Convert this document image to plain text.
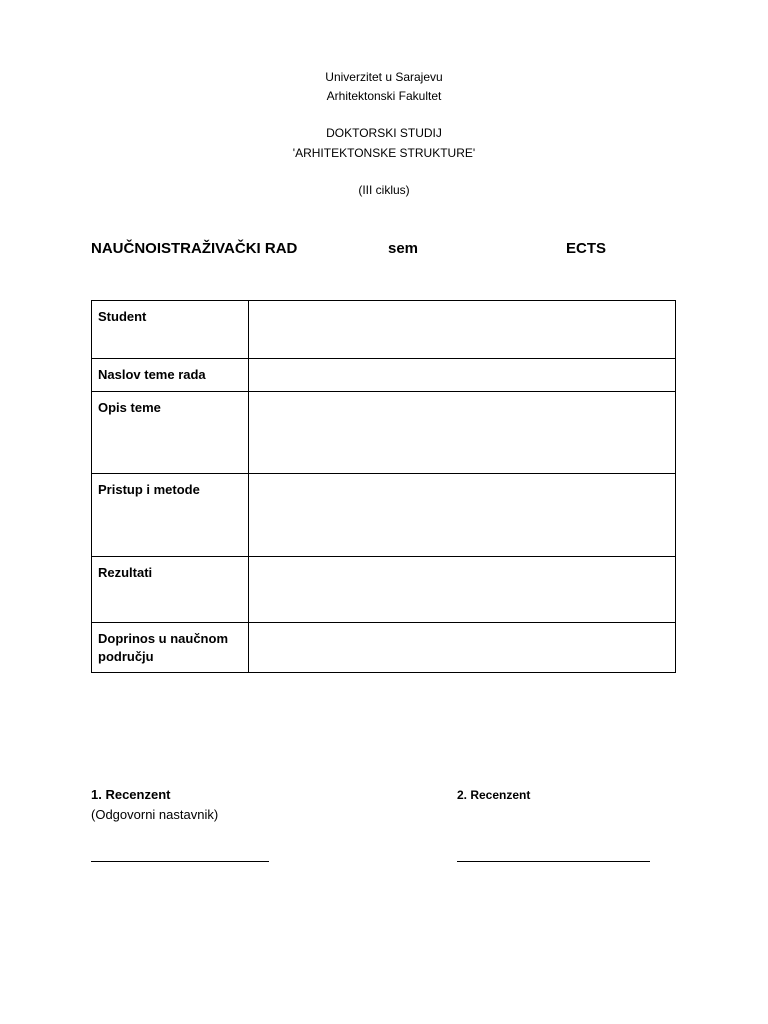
Univerzitet u Sarajevu
Arhitektonski Fakultet
DOKTORSKI STUDIJ
'ARHITEKTONSKE STRUKTURE'
(III ciklus)
NAUČNOISTRAŽIVAČKI RAD	sem	ECTS
Student	
Naslov teme rada	
Opis teme	
Pristup i metode	
Rezultati	
Doprinos u naučnom području	
1. Recenzent
(Odgovorni nastavnik)
2. Recenzent
